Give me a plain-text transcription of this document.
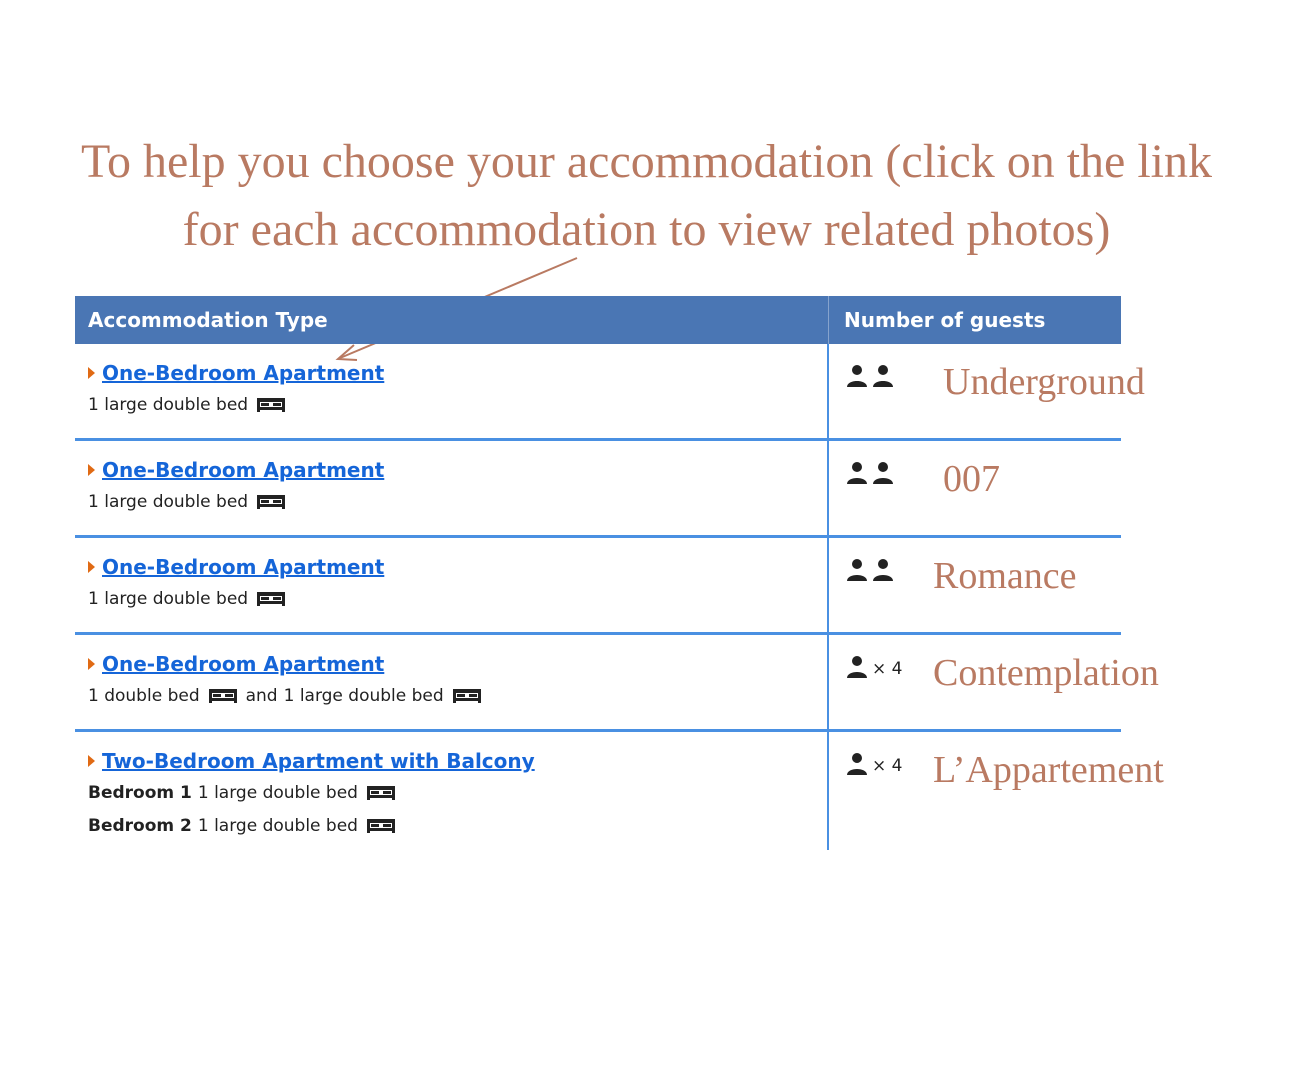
To help you choose your accommodation (click on the link
for each accommodation to view related photos)
Accommodation Type	Number of guests
One-Bedroom Apartment
1 large double bed
Underground
One-Bedroom Apartment
1 large double bed
007
One-Bedroom Apartment
1 large double bed
Romance
One-Bedroom Apartment
1 double bed	and 1 large double bed
× 4 Contemplation
Two-Bedroom Apartment with Balcony
Bedroom 1 1 large double bed
Bedroom 2 1 large double bed
× 4 L’Appartement
